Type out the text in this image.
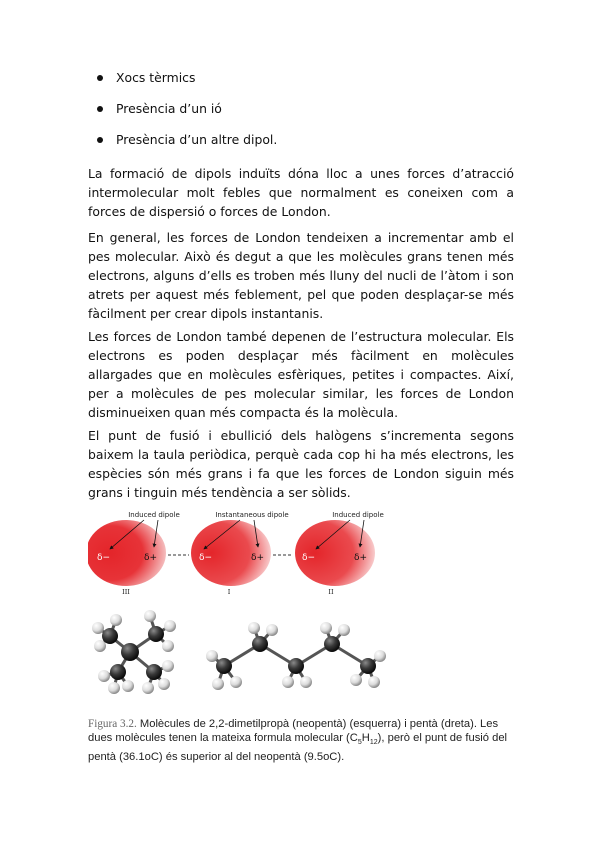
Xocs tèrmics
Presència d’un ió
Presència d’un altre dipol.

La formació de dipols induïts dóna lloc a unes forces d’atracció intermolecular molt febles que normalment es coneixen com a forces de dispersió o forces de London.

En general, les forces de London tendeixen a incrementar amb el pes molecular. Això és degut a que les molècules grans tenen més electrons, alguns d’ells es troben més lluny del nucli de l’àtom i son atrets per aquest més feblement, pel que poden desplaçar-se més fàcilment per crear dipols instantanis.

Les forces de London també depenen de l’estructura molecular. Els electrons es poden desplaçar més fàcilment en molècules allargades que en molècules esfèriques, petites i compactes. Així, per a molècules de pes molecular similar, les forces de London disminueixen quan més compacta és la molècula.

El punt de fusió i ebullició dels halògens s’incrementa segons baixem la taula periòdica, perquè cada cop hi ha més electrons, les espècies són més grans i fa que les forces de London siguin més grans i tinguin més tendència a ser sòlids.

Induced dipole	Instantaneous dipole	Induced dipole
δ−	δ+	δ−	δ+	δ−	δ+
III	I	II

Figura 3.2. Molècules de 2,2-dimetilpropà (neopentà) (esquerra) i pentà (dreta). Les dues molècules tenen la mateixa formula molecular $(C_5H_{12})$, però el punt de fusió del pentà (36.1oC) és superior al del neopentà (9.5oC).
